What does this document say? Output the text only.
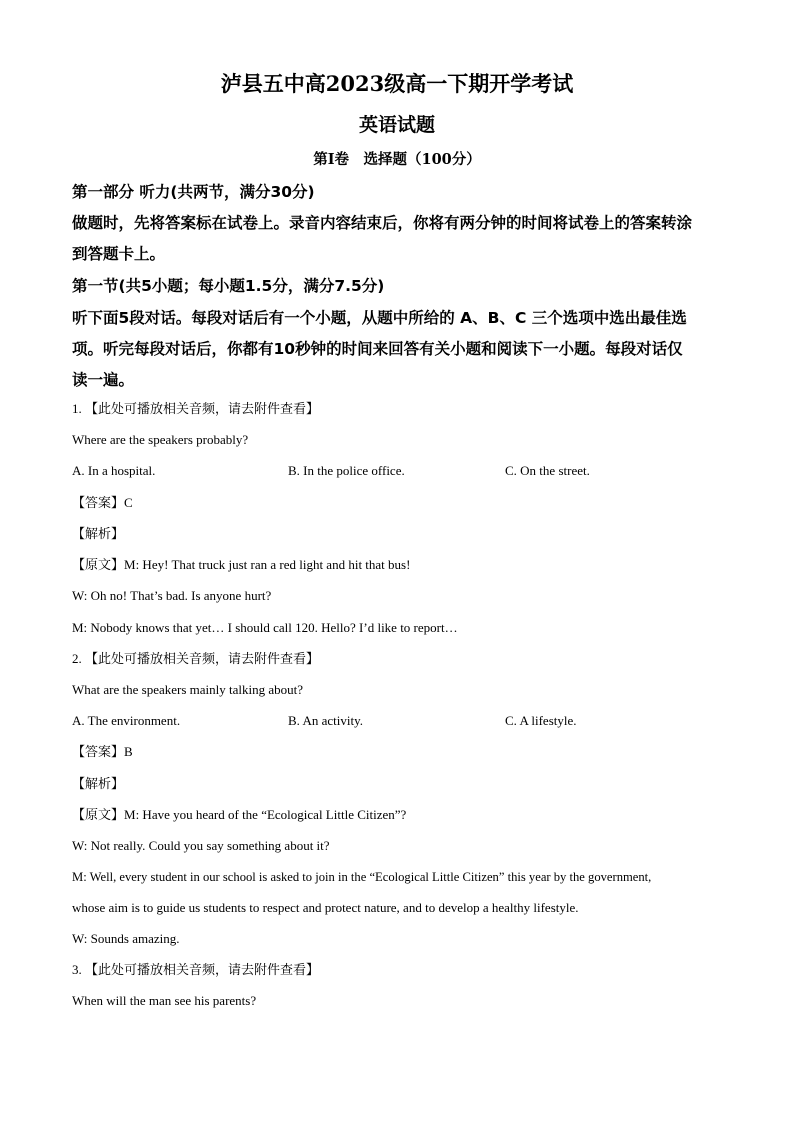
泸县五中高2023级高一下期开学考试
英语试题
第Ⅰ卷　选择题（100分）
第一部分 听力(共两节，满分30分)
做题时，先将答案标在试卷上。录音内容结束后，你将有两分钟的时间将试卷上的答案转涂
到答题卡上。
第一节(共5小题；每小题1.5分，满分7.5分)
听下面5段对话。每段对话后有一个小题，从题中所给的 A、B、C 三个选项中选出最佳选
项。听完每段对话后，你都有10秒钟的时间来回答有关小题和阅读下一小题。每段对话仅
读一遍。
1. 【此处可播放相关音频，请去附件查看】
Where are the speakers probably?
A. In a hospital.	B. In the police office.	C. On the street.
【答案】C
【解析】
【原文】M: Hey! That truck just ran a red light and hit that bus!
W: Oh no! That’s bad. Is anyone hurt?
M: Nobody knows that yet… I should call 120. Hello? I’d like to report…
2. 【此处可播放相关音频，请去附件查看】
What are the speakers mainly talking about?
A. The environment.	B. An activity.	C. A lifestyle.
【答案】B
【解析】
【原文】M: Have you heard of the “Ecological Little Citizen”?
W: Not really. Could you say something about it?
M: Well, every student in our school is asked to join in the “Ecological Little Citizen” this year by the government,
whose aim is to guide us students to respect and protect nature, and to develop a healthy lifestyle.
W: Sounds amazing.
3. 【此处可播放相关音频，请去附件查看】
When will the man see his parents?
